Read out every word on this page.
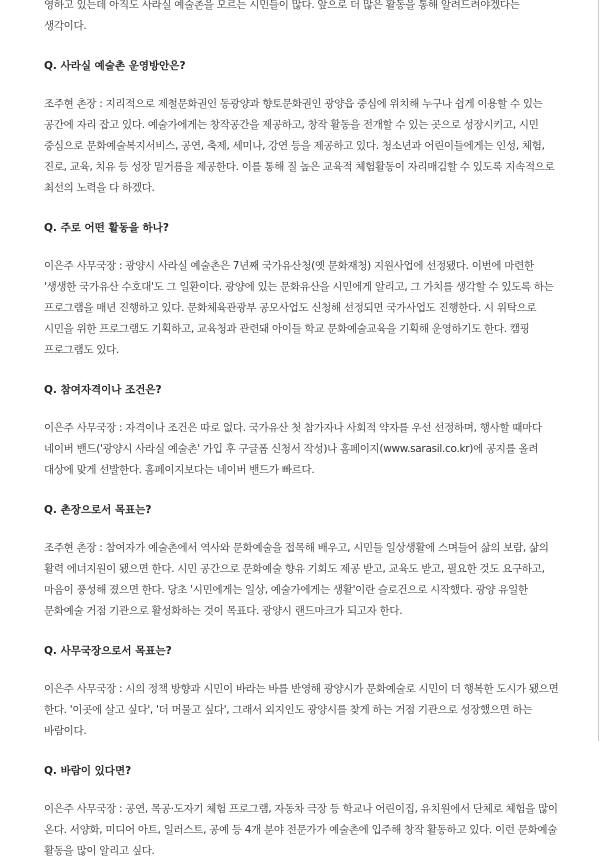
영하고 있는데 아직도 사라실 예술촌을 모르는 시민들이 많다. 앞으로 더 많은 활동을 통해 알려드려야겠다는 생각이다.

Q. 사라실 예술촌 운영방안은?

조주현 촌장 : 지리적으로 제철문화권인 동광양과 향토문화권인 광양읍 중심에 위치해 누구나 쉽게 이용할 수 있는 공간에 자리 잡고 있다. 예술가에게는 창작공간을 제공하고, 창작 활동을 전개할 수 있는 곳으로 성장시키고, 시민 중심으로 문화예술복지서비스, 공연, 축제, 세미나, 강연 등을 제공하고 있다. 청소년과 어린이들에게는 인성, 체험, 진로, 교육, 치유 등 성장 밑거름을 제공한다. 이를 통해 질 높은 교육적 체험활동이 자리매김할 수 있도록 지속적으로 최선의 노력을 다 하겠다.

Q. 주로 어떤 활동을 하나?

이은주 사무국장 : 광양시 사라실 예술촌은 7년째 국가유산청(옛 문화재청) 지원사업에 선정됐다. 이번에 마련한 '생생한 국가유산 수호대'도 그 일환이다. 광양에 있는 문화유산을 시민에게 알리고, 그 가치를 생각할 수 있도록 하는 프로그램을 매년 진행하고 있다. 문화체육관광부 공모사업도 신청해 선정되면 국가사업도 진행한다. 시 위탁으로 시민을 위한 프로그램도 기획하고, 교육청과 관련돼 아이들 학교 문화예술교육을 기획해 운영하기도 한다. 캠핑 프로그램도 있다.

Q. 참여자격이나 조건은?

이은주 사무국장 : 자격이나 조건은 따로 없다. 국가유산 첫 참가자나 사회적 약자를 우선 선정하며, 행사할 때마다 네이버 밴드('광양시 사라실 예술촌' 가입 후 구글폼 신청서 작성)나 홈페이지(www.sarasil.co.kr)에 공지를 올려 대상에 맞게 선발한다. 홈페이지보다는 네이버 밴드가 빠르다.

Q. 촌장으로서 목표는?

조주현 촌장 : 참여자가 예술촌에서 역사와 문화예술을 접목해 배우고, 시민들 일상생활에 스며들어 삶의 보람, 삶의 활력 에너지원이 됐으면 한다. 시민 공간으로 문화예술 향유 기회도 제공 받고, 교육도 받고, 필요한 것도 요구하고, 마음이 풍성해 졌으면 한다. 당초 '시민에게는 일상, 예술가에게는 생활'이란 슬로건으로 시작했다. 광양 유일한 문화예술 거점 기관으로 활성화하는 것이 목표다. 광양시 랜드마크가 되고자 한다.

Q. 사무국장으로서 목표는?

이은주 사무국장 : 시의 정책 방향과 시민이 바라는 바를 반영해 광양시가 문화예술로 시민이 더 행복한 도시가 됐으면 한다. '이곳에 살고 싶다', '더 머물고 싶다', 그래서 외지인도 광양시를 찾게 하는 거점 기관으로 성장했으면 하는 바람이다.

Q. 바람이 있다면?

이은주 사무국장 : 공연, 목공·도자기 체험 프로그램, 자동차 극장 등 학교나 어린이집, 유치원에서 단체로 체험을 많이 온다. 서양화, 미디어 아트, 일러스트, 공예 등 4개 분야 전문가가 예술촌에 입주해 창작 활동하고 있다. 이런 문화예술 활동을 많이 알리고 싶다.
